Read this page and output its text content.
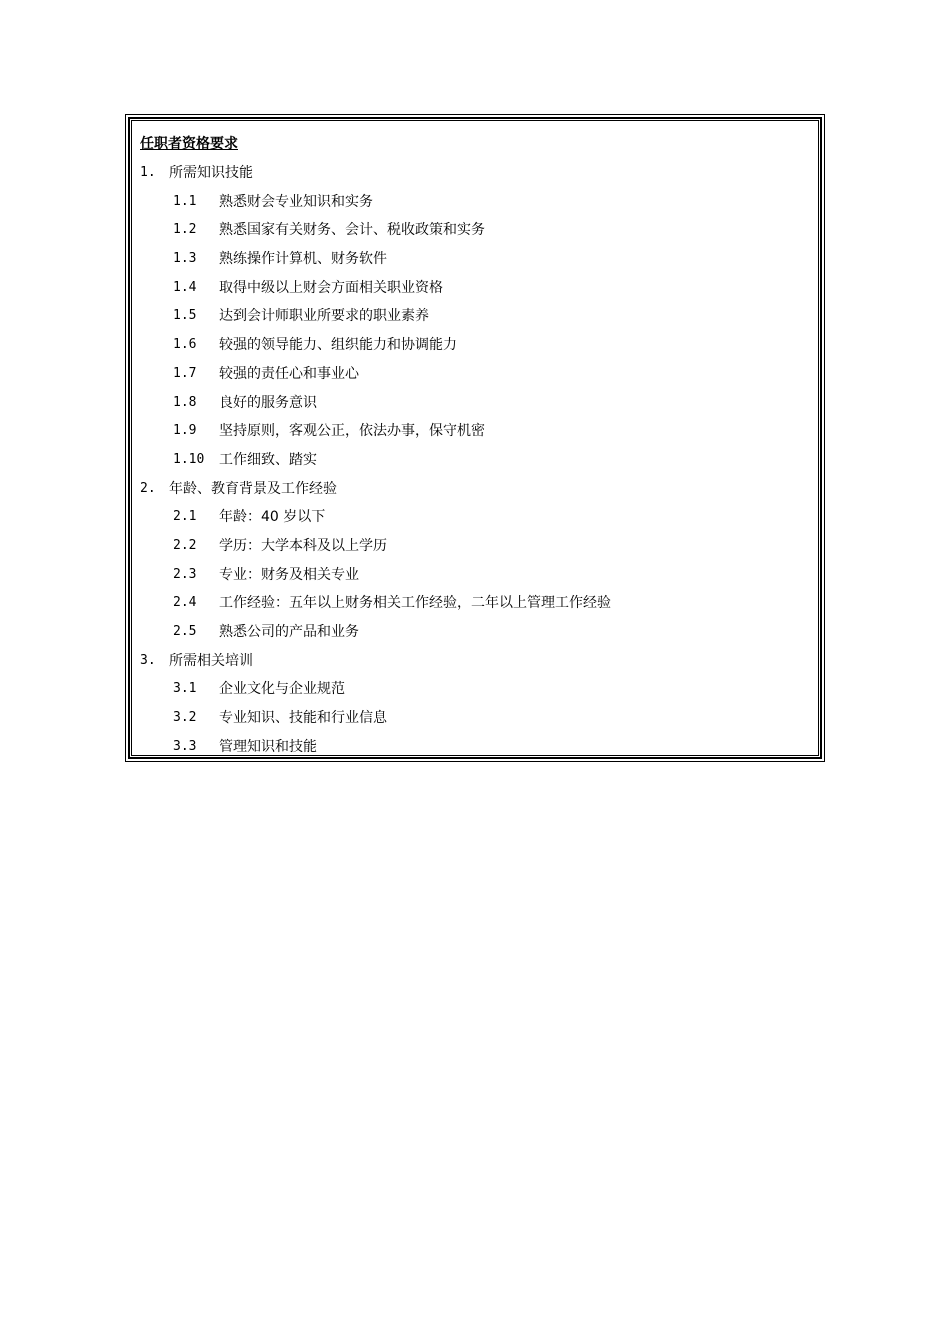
任职者资格要求
1. 所需知识技能
1.1	熟悉财会专业知识和实务
1.2	熟悉国家有关财务、会计、税收政策和实务
1.3	熟练操作计算机、财务软件
1.4	取得中级以上财会方面相关职业资格
1.5	达到会计师职业所要求的职业素养
1.6	较强的领导能力、组织能力和协调能力
1.7	较强的责任心和事业心
1.8	良好的服务意识
1.9	坚持原则，客观公正，依法办事，保守机密
1.10	工作细致、踏实
2. 年龄、教育背景及工作经验
2.1	年龄：40 岁以下
2.2	学历：大学本科及以上学历
2.3	专业：财务及相关专业
2.4	工作经验：五年以上财务相关工作经验，二年以上管理工作经验
2.5	熟悉公司的产品和业务
3. 所需相关培训
3.1	企业文化与企业规范
3.2	专业知识、技能和行业信息
3.3	管理知识和技能
